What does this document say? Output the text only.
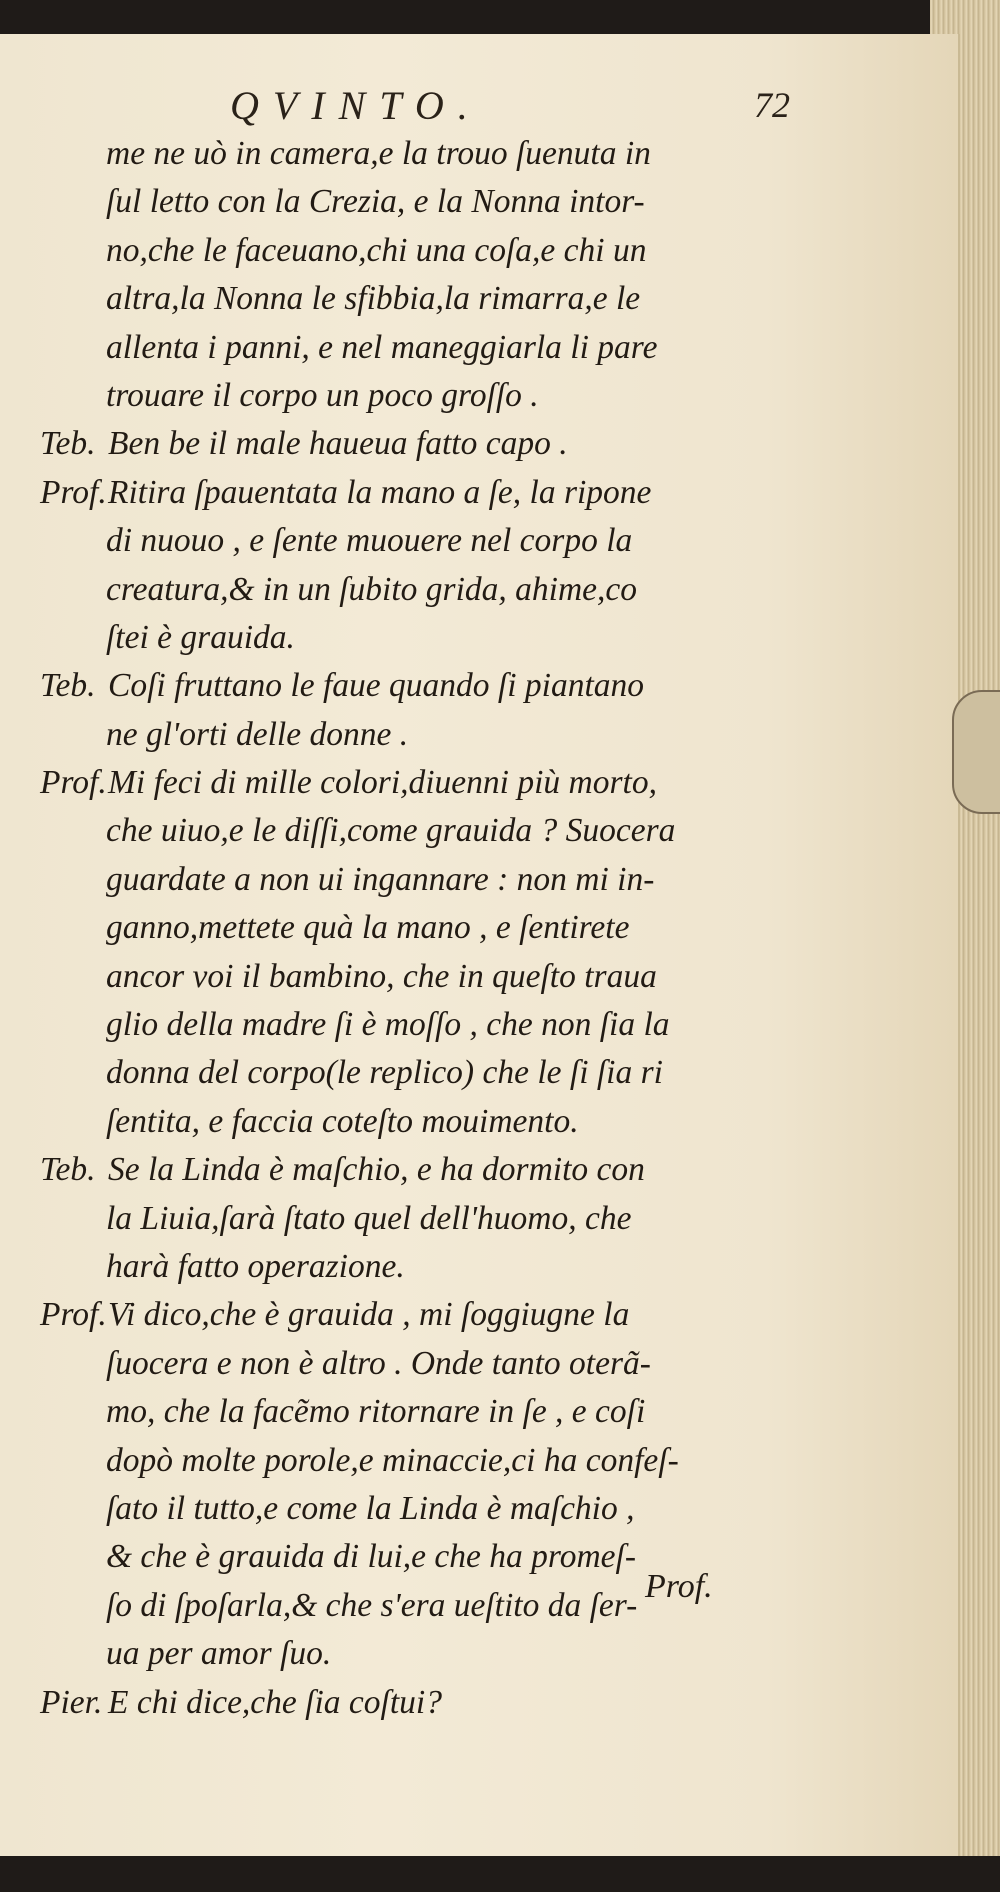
QVINTO.	72
me ne uò in camera,e la trouo ſuenuta in
ſul letto con la Crezia, e la Nonna intor-
no,che le faceuano,chi una coſa,e chi un
altra,la Nonna le sfibbia,la rimarra,e le
allenta i panni, e nel maneggiarla li pare
trouare il corpo un poco groſſo .
Teb. Ben be il male haueua fatto capo .
Prof. Ritira ſpauentata la mano a ſe, la ripone
di nuouo , e ſente muouere nel corpo la
creatura,& in un ſubito grida, ahime,co
ſtei è grauida.
Teb. Coſi fruttano le faue quando ſi piantano
ne gl'orti delle donne .
Prof. Mi feci di mille colori,diuenni più morto,
che uiuo,e le diſſi,come grauida ? Suocera
guardate a non ui ingannare : non mi in-
ganno,mettete quà la mano , e ſentirete
ancor voi il bambino, che in queſto traua
glio della madre ſi è moſſo , che non ſia la
donna del corpo(le replico) che le ſi ſia ri
ſentita, e faccia coteſto mouimento.
Teb. Se la Linda è maſchio, e ha dormito con
la Liuia,ſarà ſtato quel dell'huomo, che
harà fatto operazione.
Prof. Vi dico,che è grauida , mi ſoggiugne la
ſuocera e non è altro . Onde tanto oterã-
mo, che la facẽmo ritornare in ſe , e coſi
dopò molte porole,e minaccie,ci ha confeſ-
ſato il tutto,e come la Linda è maſchio ,
& che è grauida di lui,e che ha promeſ-
ſo di ſpoſarla,& che s'era ueſtito da ſer-
ua per amor ſuo.
Pier. E chi dice,che ſia coſtui?
Prof.
